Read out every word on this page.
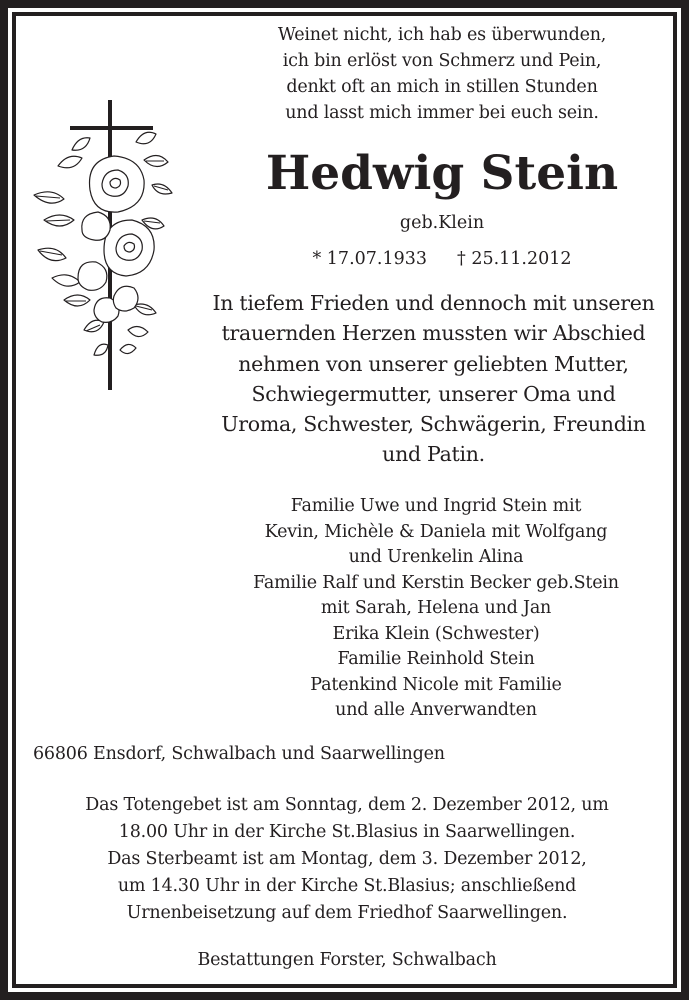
Weinet nicht, ich hab es überwunden,
ich bin erlöst von Schmerz und Pein,
denkt oft an mich in stillen Stunden
und lasst mich immer bei euch sein.
Hedwig Stein
geb.Klein
* 17.07.1933 † 25.11.2012
In tiefem Frieden und dennoch mit unseren
trauernden Herzen mussten wir Abschied
nehmen von unserer geliebten Mutter,
Schwiegermutter, unserer Oma und
Uroma, Schwester, Schwägerin, Freundin
und Patin.
Familie Uwe und Ingrid Stein mit
Kevin, Michèle & Daniela mit Wolfgang
und Urenkelin Alina
Familie Ralf und Kerstin Becker geb.Stein
mit Sarah, Helena und Jan
Erika Klein (Schwester)
Familie Reinhold Stein
Patenkind Nicole mit Familie
und alle Anverwandten
66806 Ensdorf, Schwalbach und Saarwellingen
Das Totengebet ist am Sonntag, dem 2. Dezember 2012, um
18.00 Uhr in der Kirche St.Blasius in Saarwellingen.
Das Sterbeamt ist am Montag, dem 3. Dezember 2012,
um 14.30 Uhr in der Kirche St.Blasius; anschließend
Urnenbeisetzung auf dem Friedhof Saarwellingen.
Bestattungen Forster, Schwalbach
